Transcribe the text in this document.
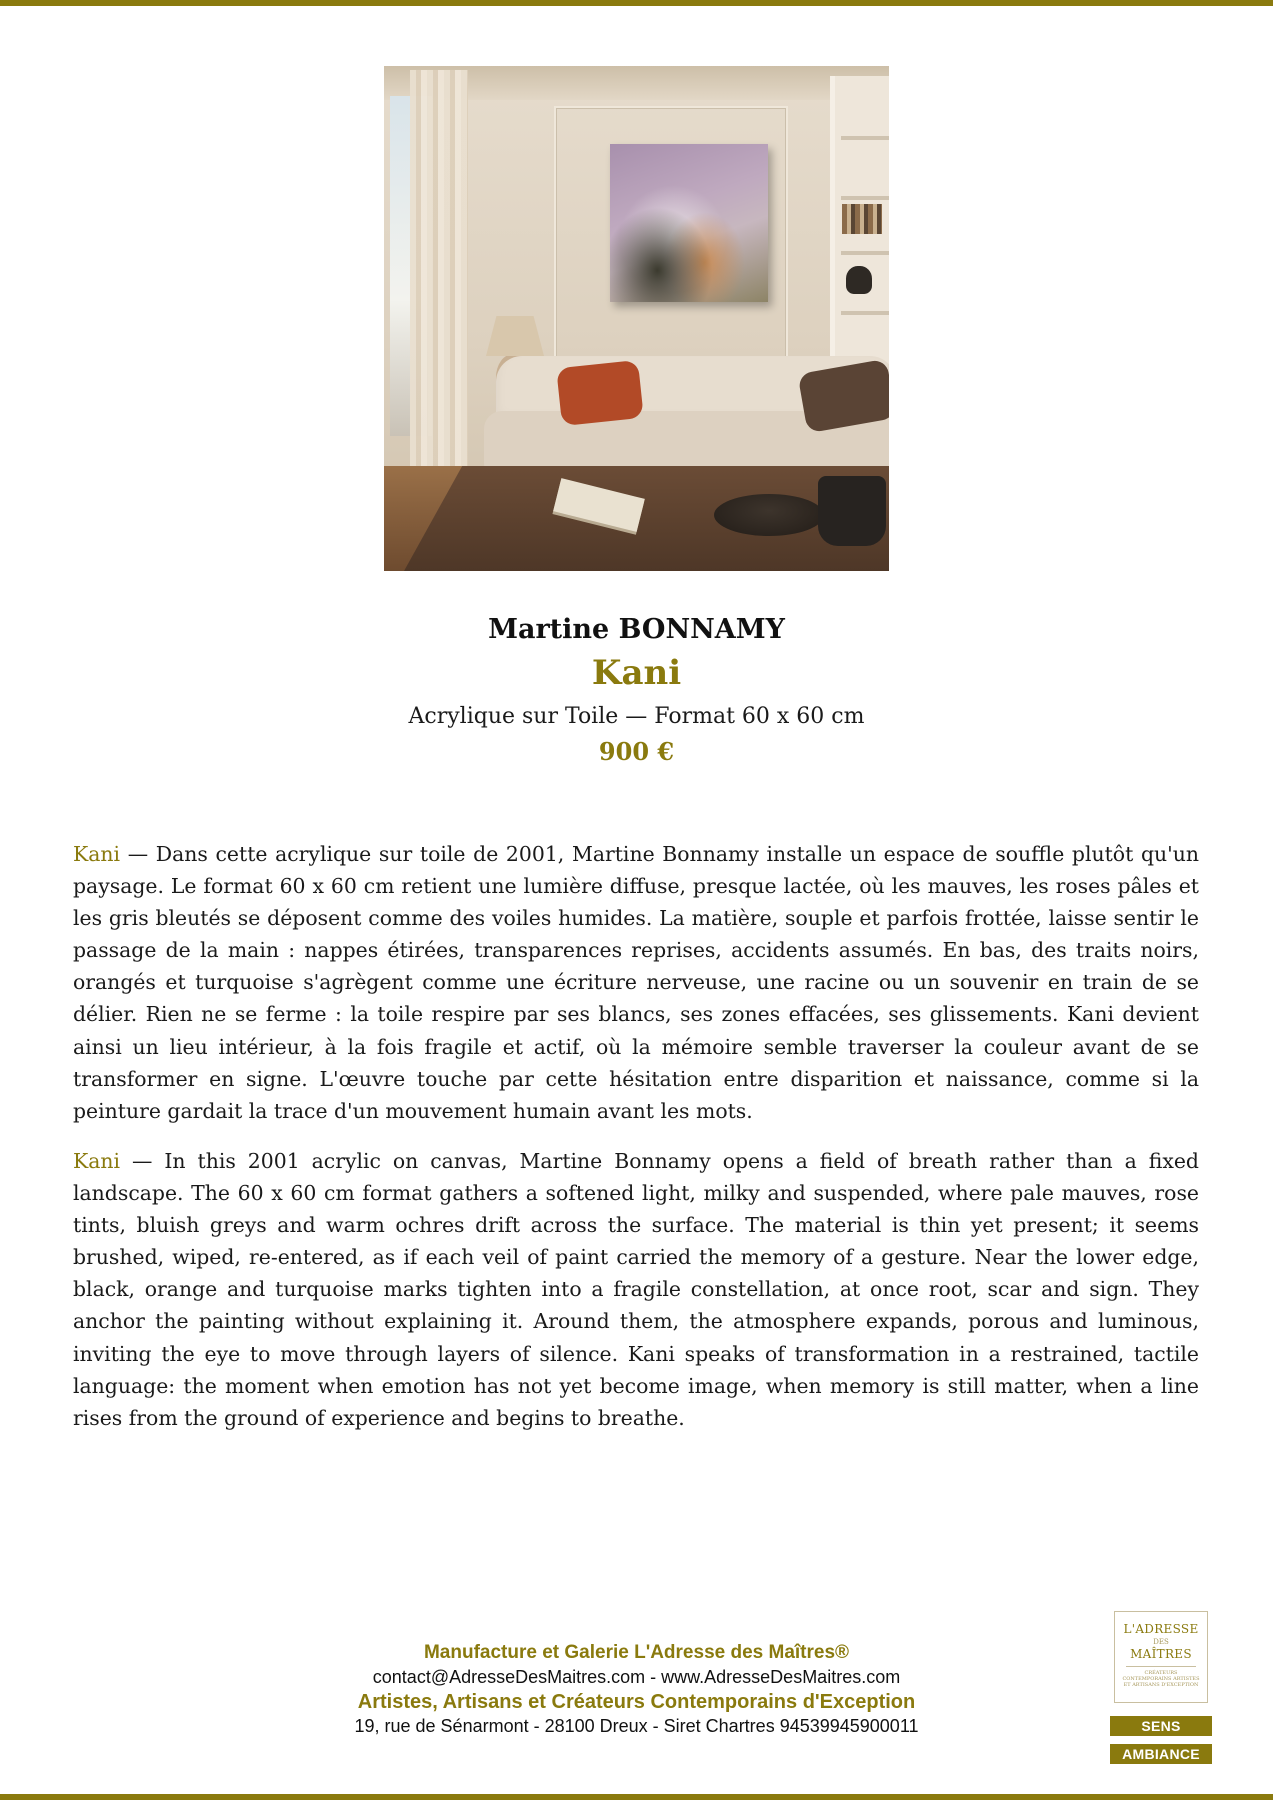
Martine BONNAMY
Kani
Acrylique sur Toile — Format 60 x 60 cm
900 €

Kani — Dans cette acrylique sur toile de 2001, Martine Bonnamy installe un espace de souffle plutôt qu'un paysage. Le format 60 x 60 cm retient une lumière diffuse, presque lactée, où les mauves, les roses pâles et les gris bleutés se déposent comme des voiles humides. La matière, souple et parfois frottée, laisse sentir le passage de la main : nappes étirées, transparences reprises, accidents assumés. En bas, des traits noirs, orangés et turquoise s'agrègent comme une écriture nerveuse, une racine ou un souvenir en train de se délier. Rien ne se ferme : la toile respire par ses blancs, ses zones effacées, ses glissements. Kani devient ainsi un lieu intérieur, à la fois fragile et actif, où la mémoire semble traverser la couleur avant de se transformer en signe. L'œuvre touche par cette hésitation entre disparition et naissance, comme si la peinture gardait la trace d'un mouvement humain avant les mots.

Kani — In this 2001 acrylic on canvas, Martine Bonnamy opens a field of breath rather than a fixed landscape. The 60 x 60 cm format gathers a softened light, milky and suspended, where pale mauves, rose tints, bluish greys and warm ochres drift across the surface. The material is thin yet present; it seems brushed, wiped, re-entered, as if each veil of paint carried the memory of a gesture. Near the lower edge, black, orange and turquoise marks tighten into a fragile constellation, at once root, scar and sign. They anchor the painting without explaining it. Around them, the atmosphere expands, porous and luminous, inviting the eye to move through layers of silence. Kani speaks of transformation in a restrained, tactile language: the moment when emotion has not yet become image, when memory is still matter, when a line rises from the ground of experience and begins to breathe.

Manufacture et Galerie L'Adresse des Maîtres®
contact@AdresseDesMaitres.com - www.AdresseDesMaitres.com
Artistes, Artisans et Créateurs Contemporains d'Exception
19, rue de Sénarmont - 28100 Dreux - Siret Chartres 94539945900011
L'ADRESSE
DES
MAÎTRES
CRÉATEURS CONTEMPORAINS ARTISTES ET ARTISANS D'EXCEPTION
SENS
AMBIANCE
